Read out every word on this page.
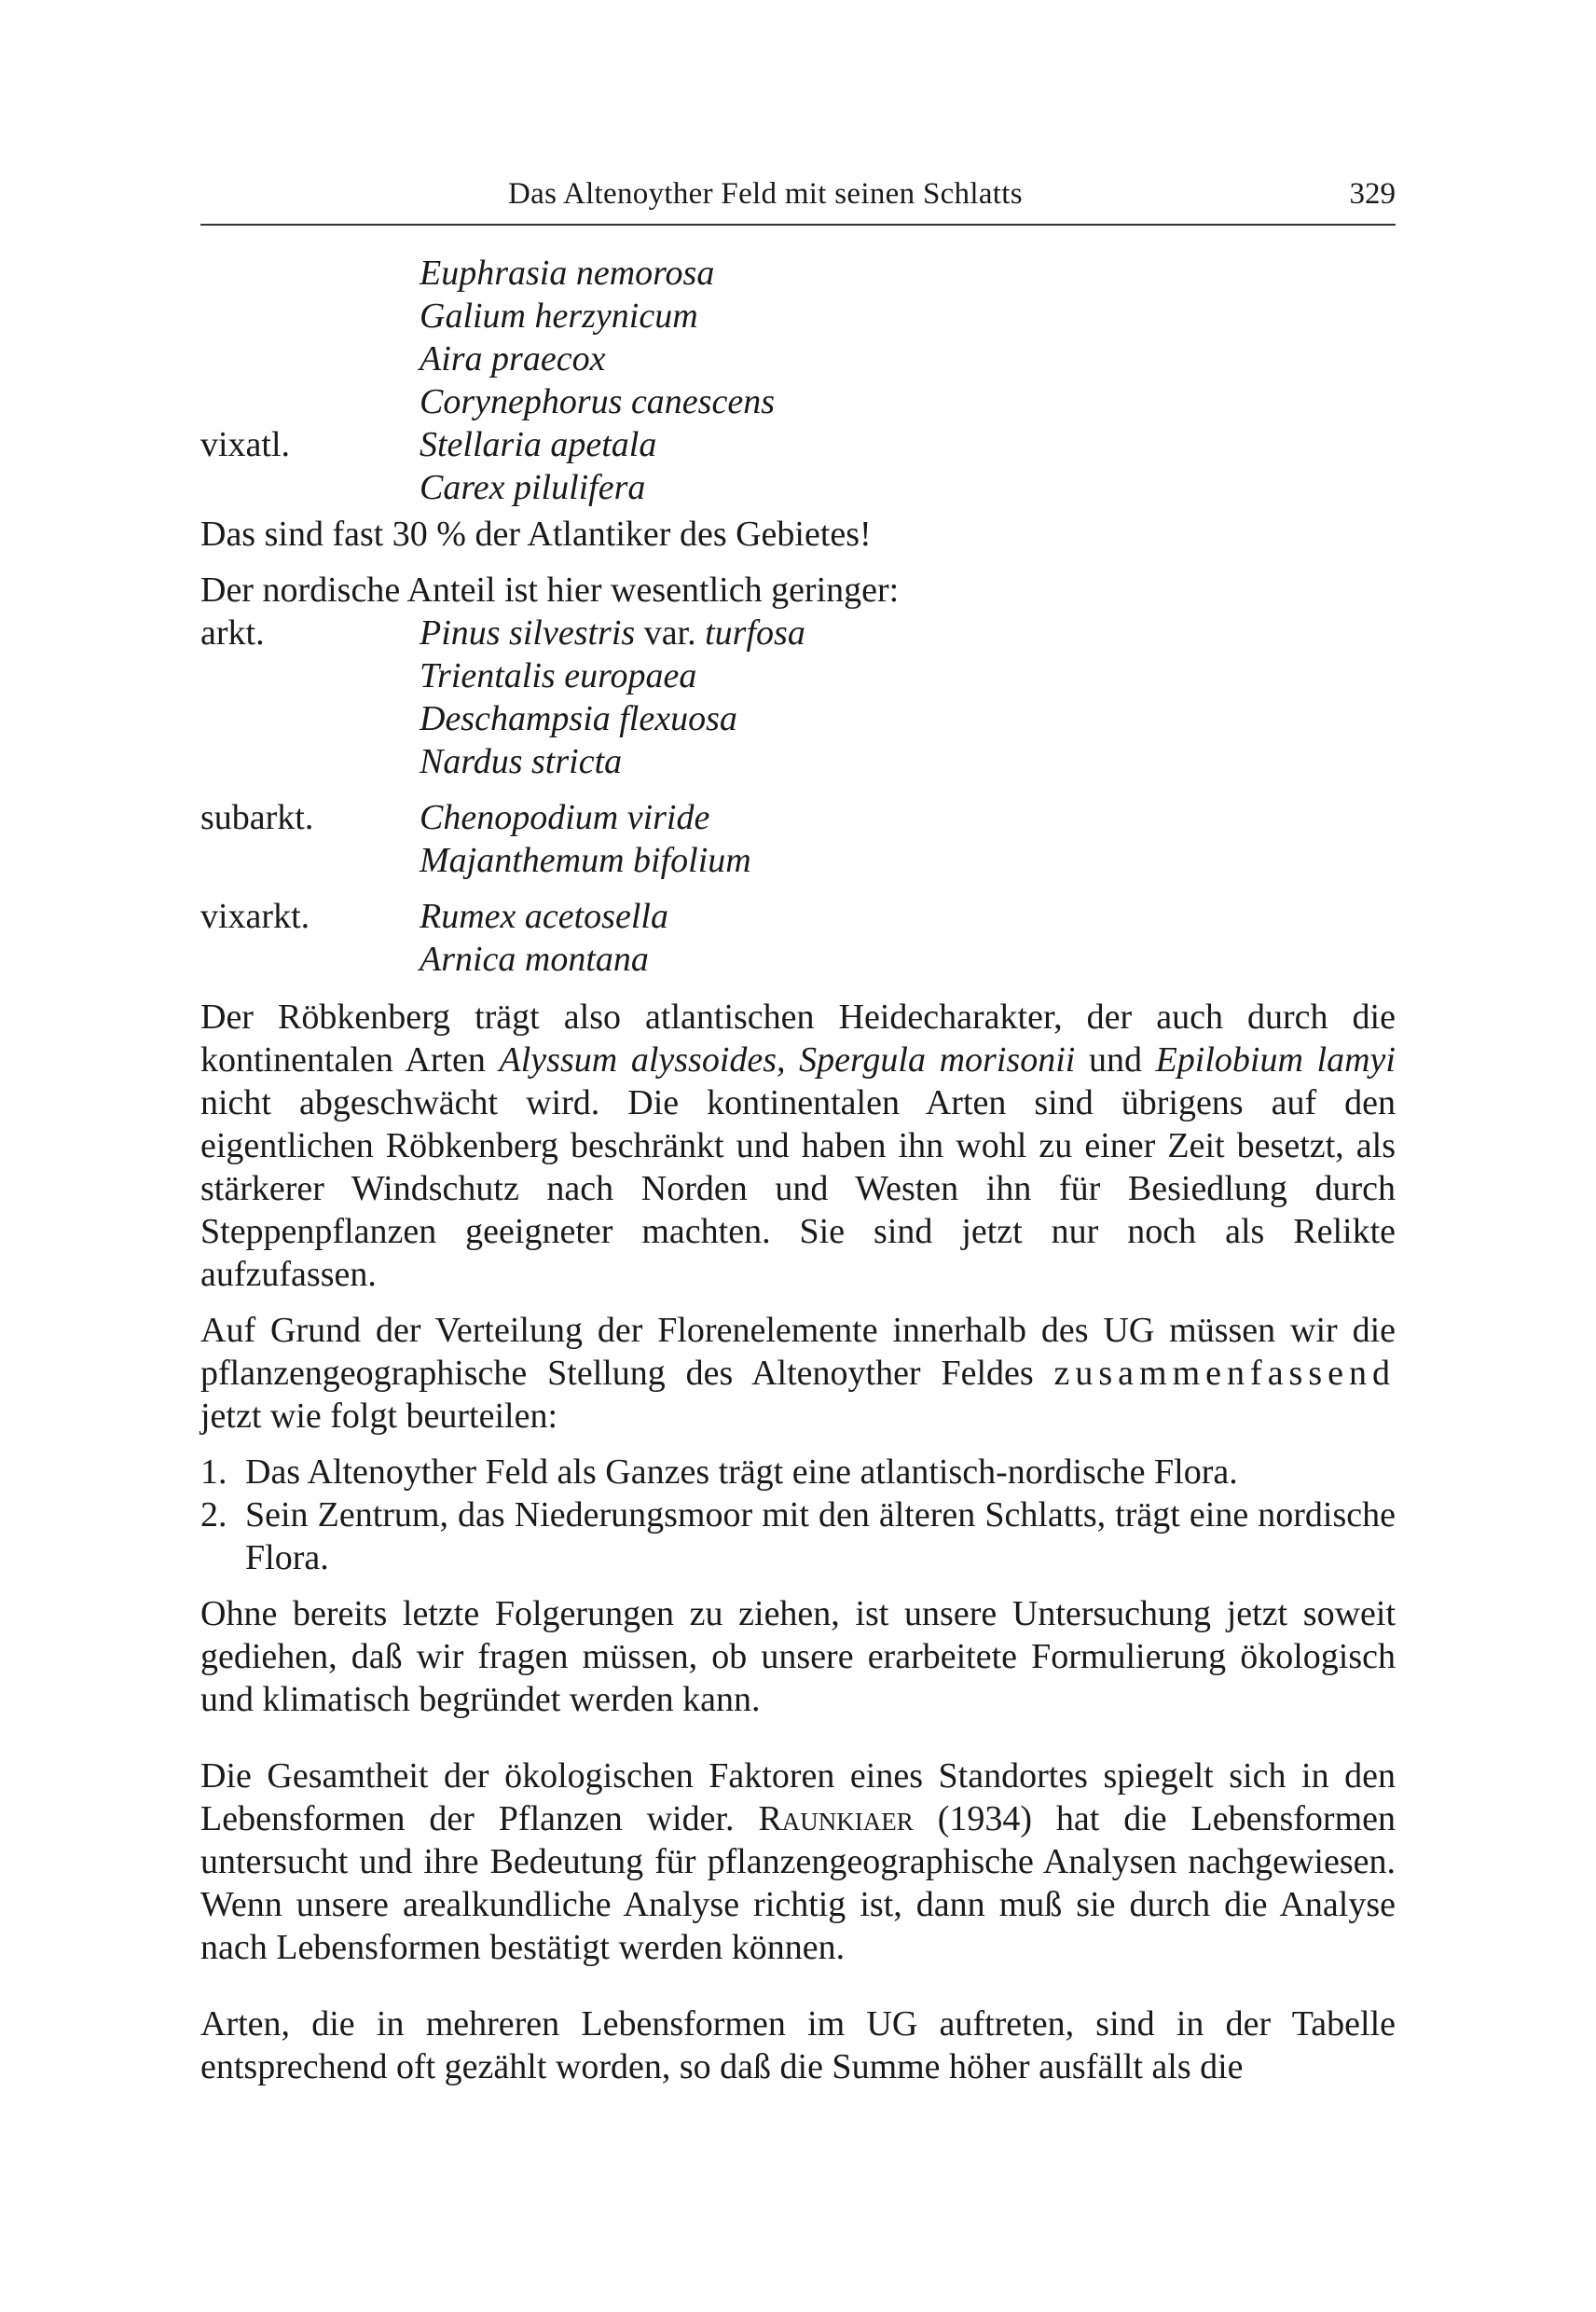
Das Altenoyther Feld mit seinen Schlatts	329
Euphrasia nemorosa
Galium herzynicum
Aira praecox
Corynephorus canescens
vixatl.	Stellaria apetala
Carex pilulifera

Das sind fast 30 % der Atlantiker des Gebietes!

Der nordische Anteil ist hier wesentlich geringer:

arkt.	Pinus silvestris var. turfosa
Trientalis europaea
Deschampsia flexuosa
Nardus stricta
subarkt.	Chenopodium viride
Majanthemum bifolium
vixarkt.	Rumex acetosella
Arnica montana

Der Röbkenberg trägt also atlantischen Heidecharakter, der auch durch die kontinentalen Arten Alyssum alyssoides, Spergula morisonii und Epilobium lamyi nicht abgeschwächt wird. Die kontinentalen Arten sind übrigens auf den eigentlichen Röbkenberg beschränkt und haben ihn wohl zu einer Zeit besetzt, als stärkerer Windschutz nach Norden und Westen ihn für Besiedlung durch Steppenpflanzen geeigneter machten. Sie sind jetzt nur noch als Relikte aufzufassen.

Auf Grund der Verteilung der Florenelemente innerhalb des UG müssen wir die pflanzengeographische Stellung des Altenoyther Feldes zusammenfassend jetzt wie folgt beurteilen:

1. Das Altenoyther Feld als Ganzes trägt eine atlantisch-nordische Flora.
2. Sein Zentrum, das Niederungsmoor mit den älteren Schlatts, trägt eine nordische Flora.

Ohne bereits letzte Folgerungen zu ziehen, ist unsere Untersuchung jetzt soweit gediehen, daß wir fragen müssen, ob unsere erarbeitete Formulierung ökologisch und klimatisch begründet werden kann.

Die Gesamtheit der ökologischen Faktoren eines Standortes spiegelt sich in den Lebensformen der Pflanzen wider. Raunkiaer (1934) hat die Lebensformen untersucht und ihre Bedeutung für pflanzengeographische Analysen nachgewiesen. Wenn unsere arealkundliche Analyse richtig ist, dann muß sie durch die Analyse nach Lebensformen bestätigt werden können.

Arten, die in mehreren Lebensformen im UG auftreten, sind in der Tabelle entsprechend oft gezählt worden, so daß die Summe höher ausfällt als die
